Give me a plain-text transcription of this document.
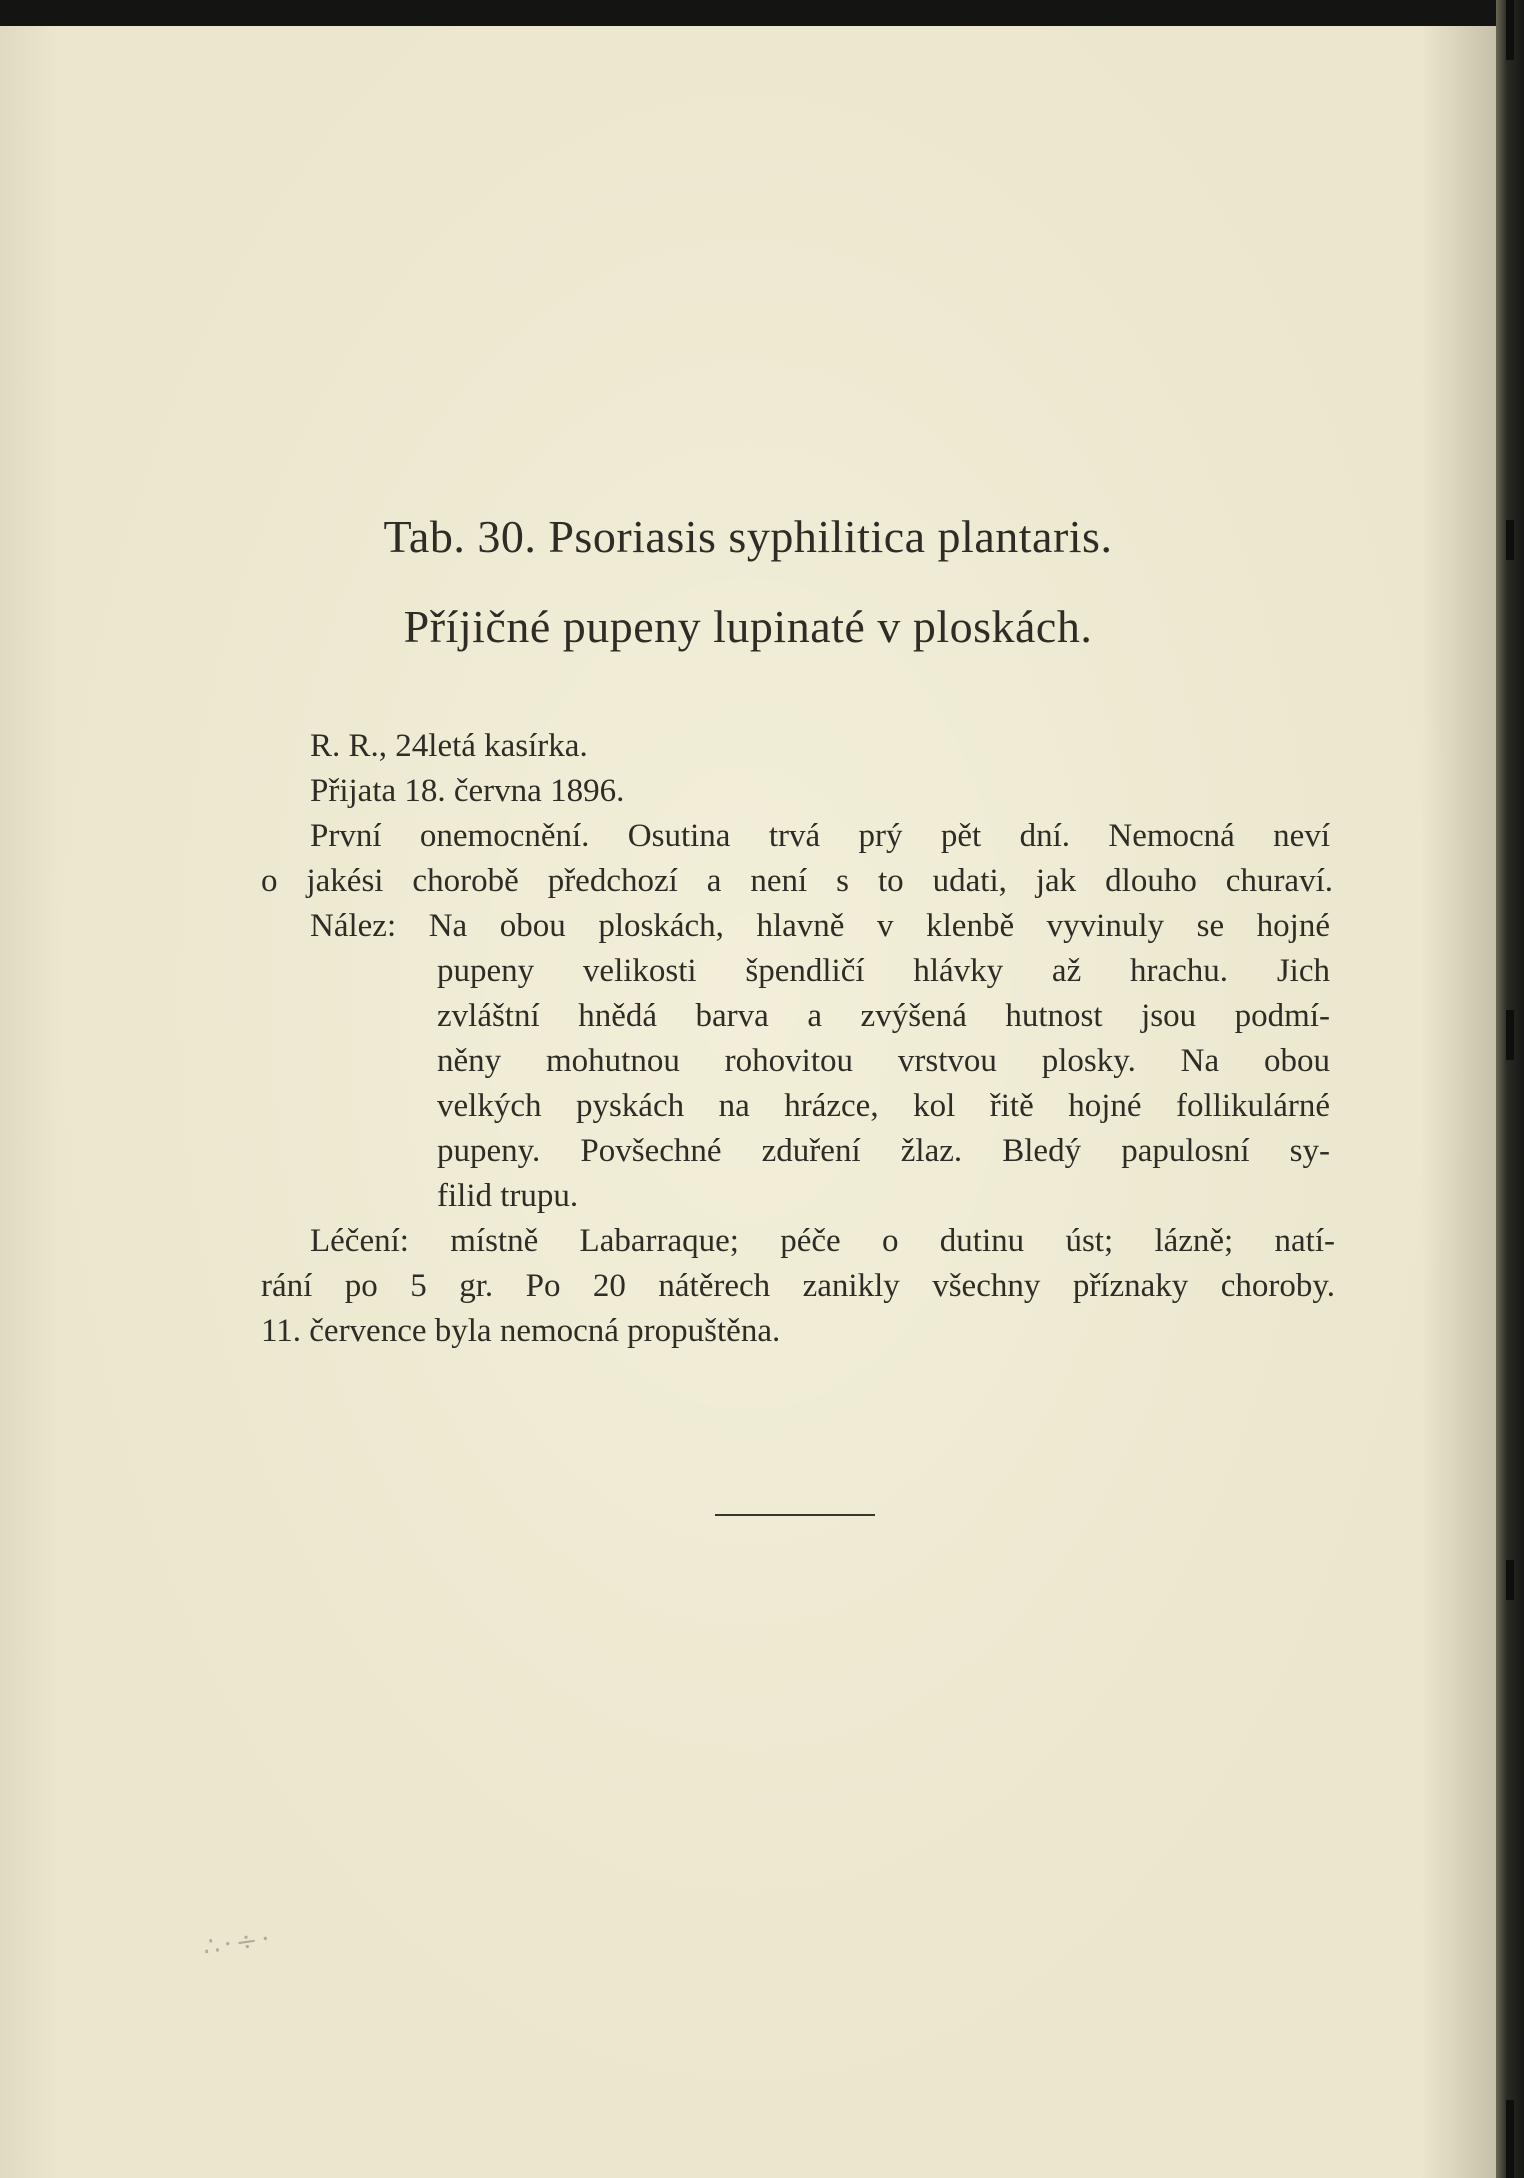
Tab. 30. Psoriasis syphilitica plantaris.
Příjičné pupeny lupinaté v ploskách.
R. R., 24letá kasírka.
Přijata 18. června 1896.
První onemocnění. Osutina trvá prý pět dní. Nemocná neví
o jakési chorobě předchozí a není s to udati, jak dlouho churaví.
Nález: Na obou ploskách, hlavně v klenbě vyvinuly se hojné
pupeny velikosti špendličí hlávky až hrachu. Jich
zvláštní hnědá barva a zvýšená hutnost jsou podmí-
něny mohutnou rohovitou vrstvou plosky. Na obou
velkých pyskách na hrázce, kol řitě hojné follikulárné
pupeny. Povšechné zduření žlaz. Bledý papulosní sy-
filid trupu.
Léčení: místně Labarraque; péče o dutinu úst; lázně; natí-
rání po 5 gr. Po 20 nátěrech zanikly všechny příznaky choroby.
11. července byla nemocná propuštěna.
∴·÷·
